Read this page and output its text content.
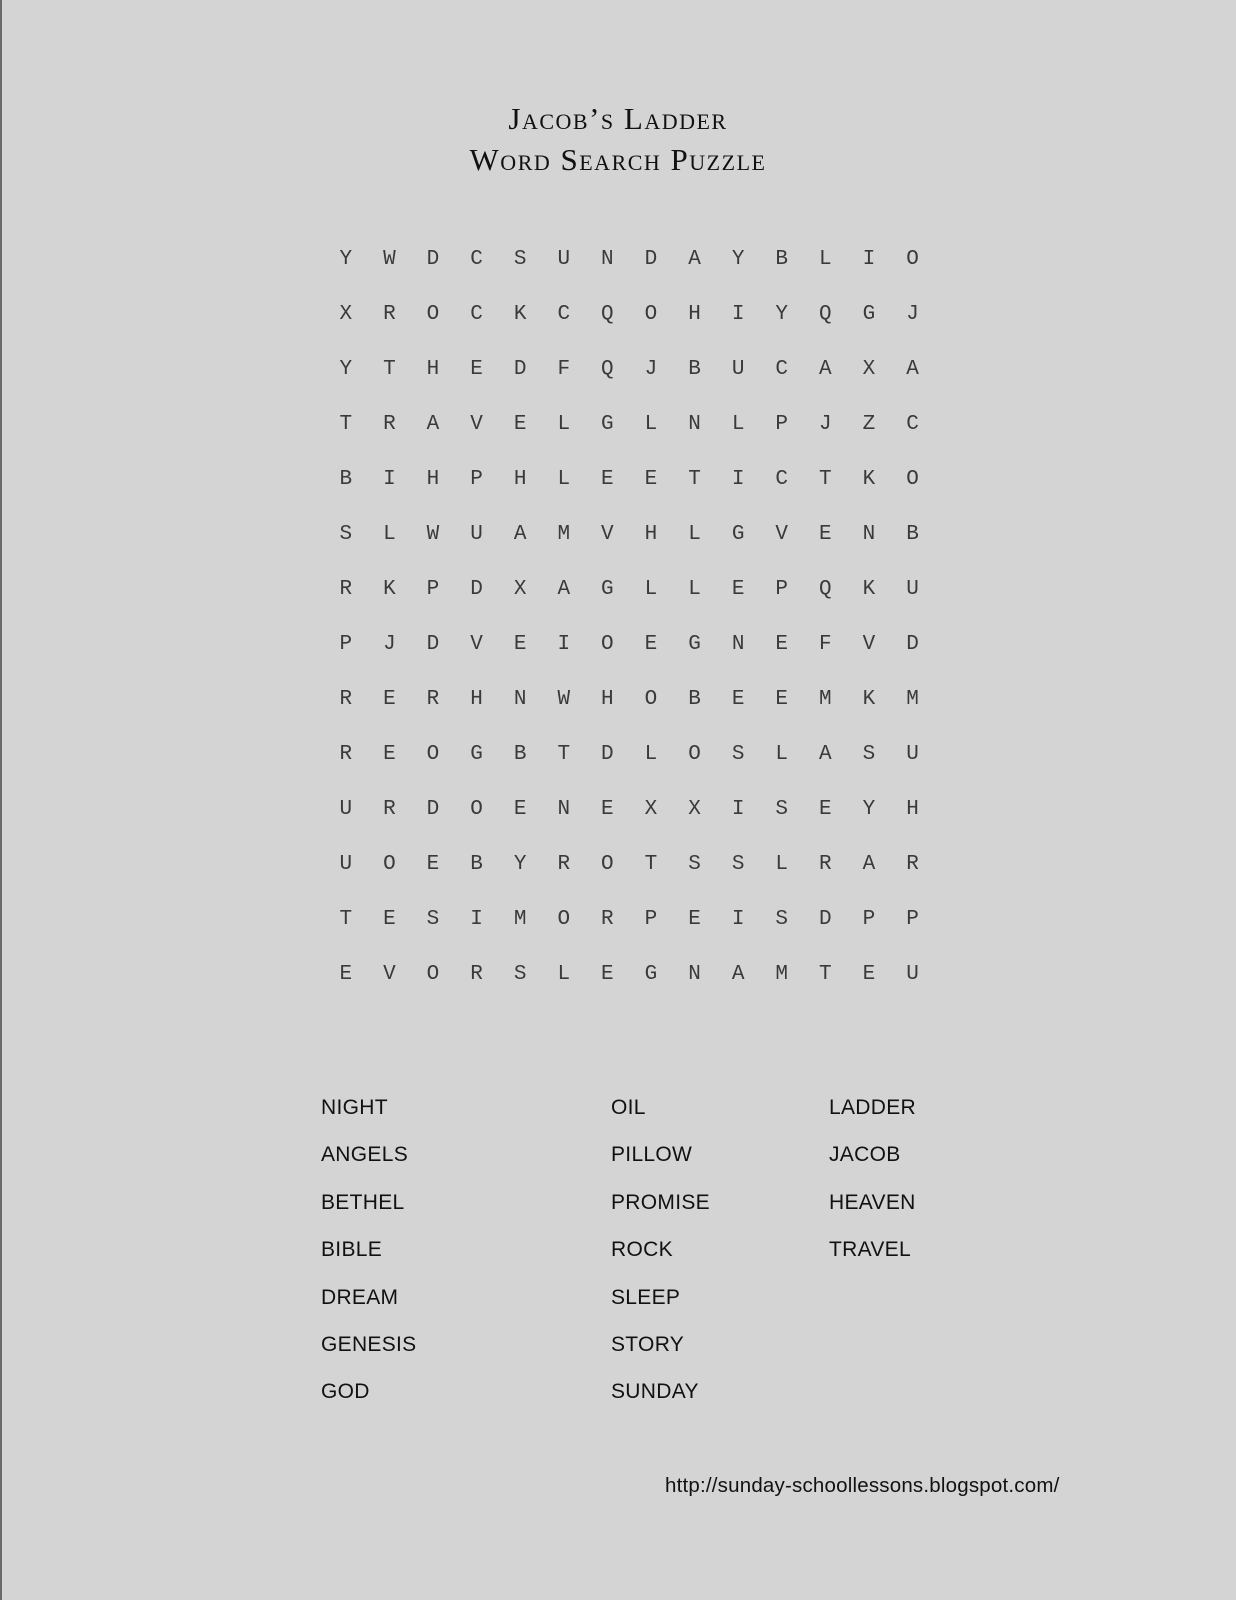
Jacob’s Ladder
Word Search Puzzle
Y	W	D	C	S	U	N	D	A	Y	B	L	I	O
X	R	O	C	K	C	Q	O	H	I	Y	Q	G	J
Y	T	H	E	D	F	Q	J	B	U	C	A	X	A
T	R	A	V	E	L	G	L	N	L	P	J	Z	C
B	I	H	P	H	L	E	E	T	I	C	T	K	O
S	L	W	U	A	M	V	H	L	G	V	E	N	B
R	K	P	D	X	A	G	L	L	E	P	Q	K	U
P	J	D	V	E	I	O	E	G	N	E	F	V	D
R	E	R	H	N	W	H	O	B	E	E	M	K	M
R	E	O	G	B	T	D	L	O	S	L	A	S	U
U	R	D	O	E	N	E	X	X	I	S	E	Y	H
U	O	E	B	Y	R	O	T	S	S	L	R	A	R
T	E	S	I	M	O	R	P	E	I	S	D	P	P
E	V	O	R	S	L	E	G	N	A	M	T	E	U
NIGHT
ANGELS
BETHEL
BIBLE
DREAM
GENESIS
GOD
OIL
PILLOW
PROMISE
ROCK
SLEEP
STORY
SUNDAY
LADDER
JACOB
HEAVEN
TRAVEL
http://sunday-schoollessons.blogspot.com/
